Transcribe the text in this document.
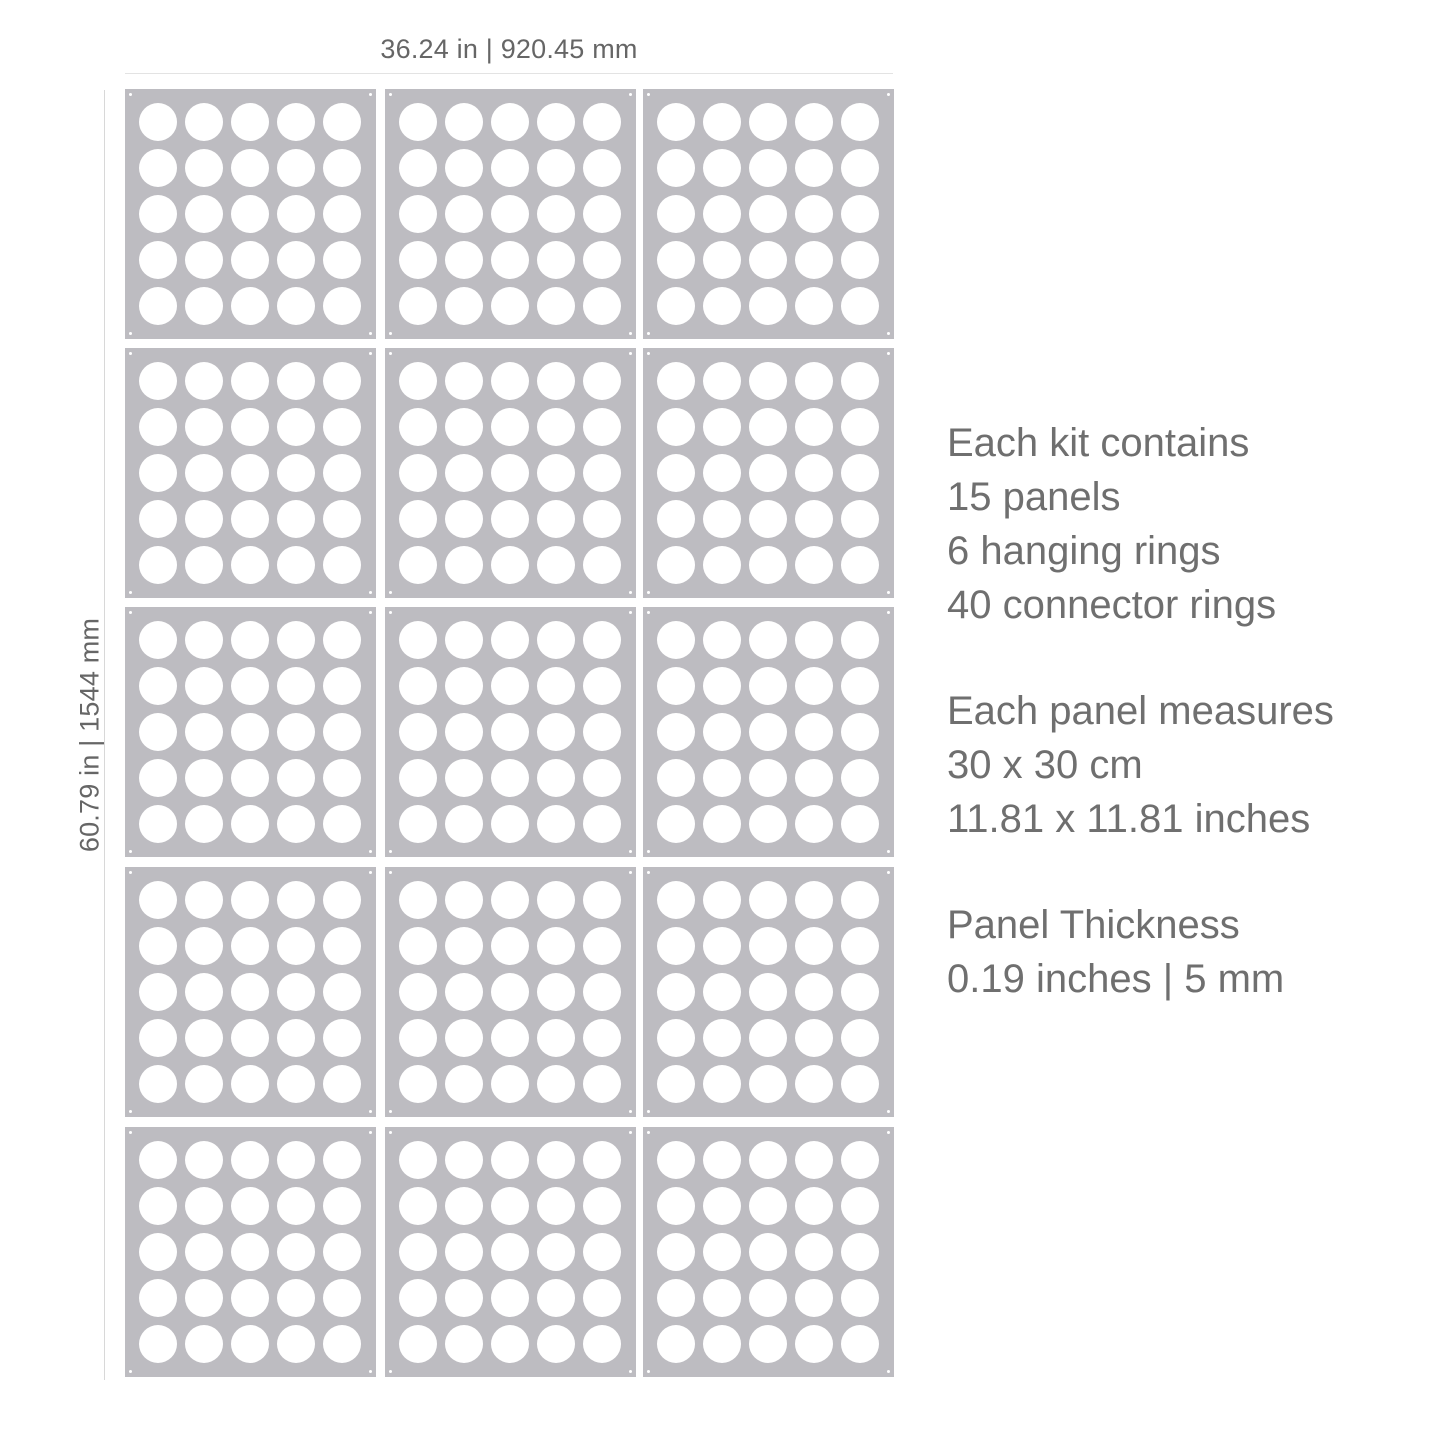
36.24 in | 920.45 mm
60.79 in | 1544 mm
Each kit contains
15 panels
6 hanging rings
40 connector rings
Each panel measures
30 x 30 cm
11.81 x 11.81 inches
Panel Thickness
0.19 inches | 5 mm
